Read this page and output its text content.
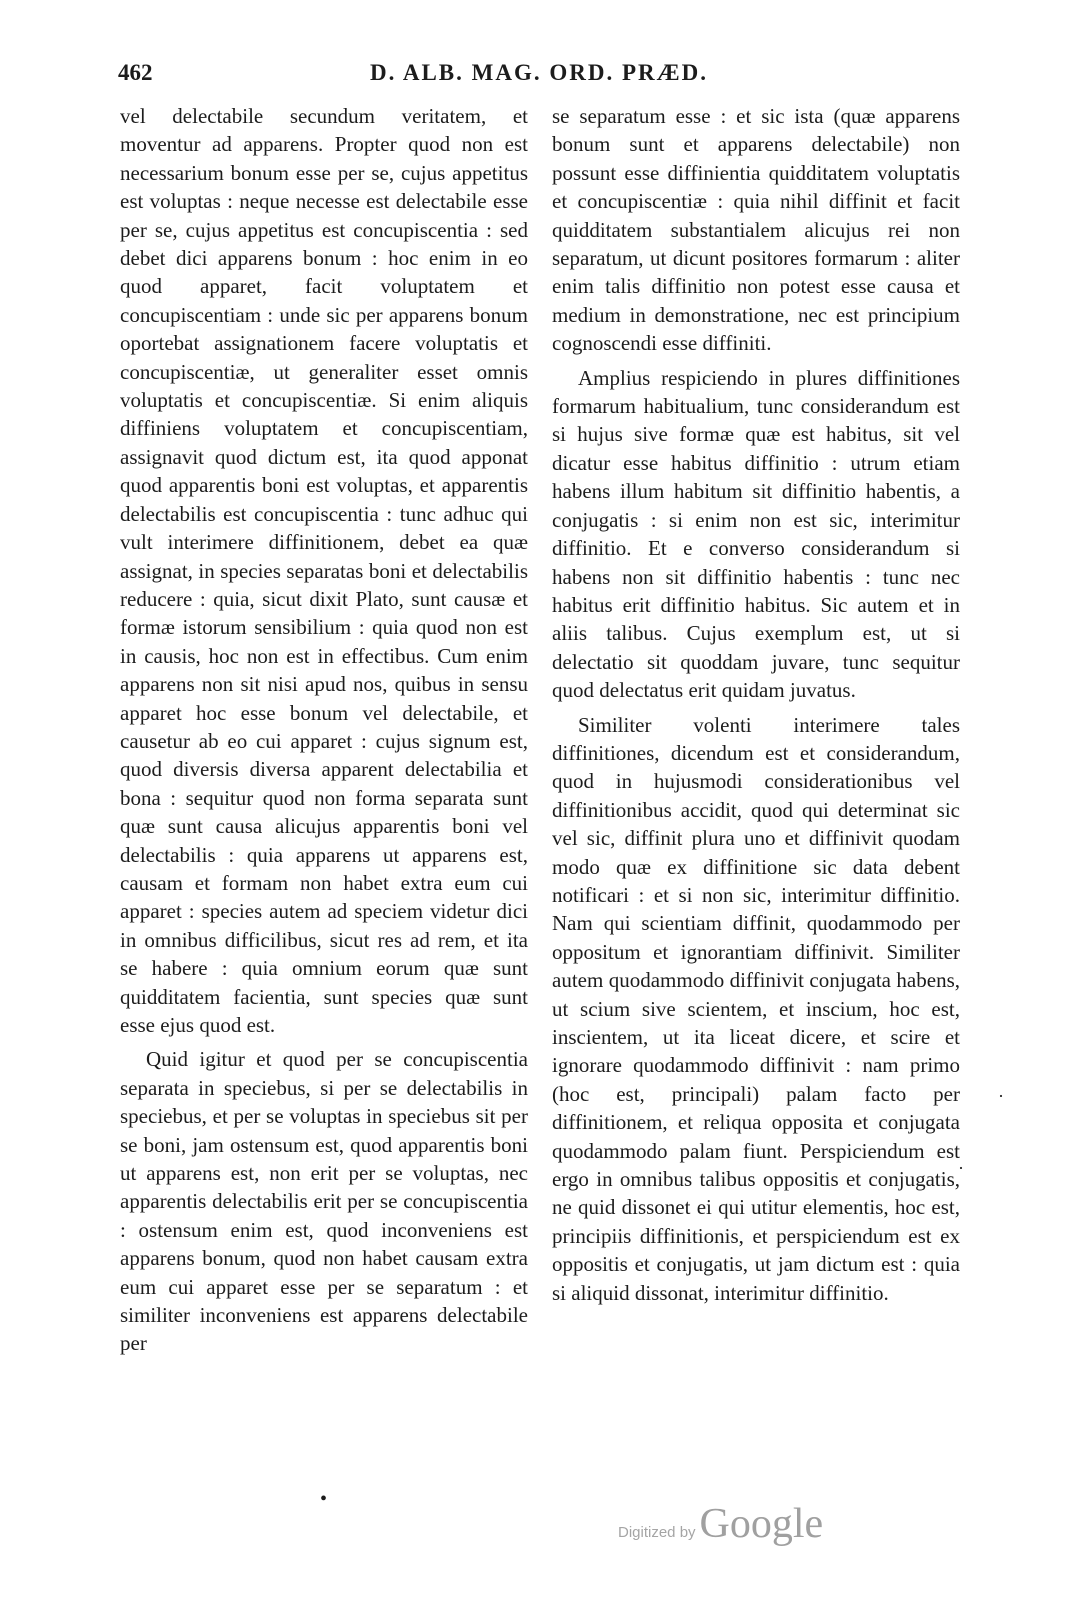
462	D. ALB. MAG. ORD. PRÆD.

vel delectabile secundum veritatem, et moventur ad apparens. Propter quod non est necessarium bonum esse per se, cujus appetitus est voluptas : neque necesse est delectabile esse per se, cujus appetitus est concupiscentia : sed debet dici apparens bonum : hoc enim in eo quod apparet, facit voluptatem et concupiscentiam : unde sic per apparens bonum oportebat assignationem facere voluptatis et concupiscentiæ, ut generaliter esset omnis voluptatis et concupiscentiæ. Si enim aliquis diffiniens voluptatem et concupiscentiam, assignavit quod dictum est, ita quod apponat quod apparentis boni est voluptas, et apparentis delectabilis est concupiscentia : tunc adhuc qui vult interimere diffinitionem, debet ea quæ assignat, in species separatas boni et delectabilis reducere : quia, sicut dixit Plato, sunt causæ et formæ istorum sensibilium : quia quod non est in causis, hoc non est in effectibus. Cum enim apparens non sit nisi apud nos, quibus in sensu apparet hoc esse bonum vel delectabile, et causetur ab eo cui apparet : cujus signum est, quod diversis diversa apparent delectabilia et bona : sequitur quod non forma separata sunt quæ sunt causa alicujus apparentis boni vel delectabilis : quia apparens ut apparens est, causam et formam non habet extra eum cui apparet : species autem ad speciem videtur dici in omnibus difficilibus, sicut res ad rem, et ita se habere : quia omnium eorum quæ sunt quidditatem facientia, sunt species quæ sunt esse ejus quod est.

Quid igitur et quod per se concupiscentia separata in speciebus, si per se delectabilis in speciebus, et per se voluptas in speciebus sit per se boni, jam ostensum est, quod apparentis boni ut apparens est, non erit per se voluptas, nec apparentis delectabilis erit per se concupiscentia : ostensum enim est, quod inconveniens est apparens bonum, quod non habet causam extra eum cui apparet esse per se separatum : et similiter inconveniens est apparens delectabile per

se separatum esse : et sic ista (quæ apparens bonum sunt et apparens delectabile) non possunt esse diffinientia quidditatem voluptatis et concupiscentiæ : quia nihil diffinit et facit quidditatem substantialem alicujus rei non separatum, ut dicunt positores formarum : aliter enim talis diffinitio non potest esse causa et medium in demonstratione, nec est principium cognoscendi esse diffiniti.

Amplius respiciendo in plures diffinitiones formarum habitualium, tunc considerandum est si hujus sive formæ quæ est habitus, sit vel dicatur esse habitus diffinitio : utrum etiam habens illum habitum sit diffinitio habentis, a conjugatis : si enim non est sic, interimitur diffinitio. Et e converso considerandum si habens non sit diffinitio habentis : tunc nec habitus erit diffinitio habitus. Sic autem et in aliis talibus. Cujus exemplum est, ut si delectatio sit quoddam juvare, tunc sequitur quod delectatus erit quidam juvatus.

Similiter volenti interimere tales diffinitiones, dicendum est et considerandum, quod in hujusmodi considerationibus vel diffinitionibus accidit, quod qui determinat sic vel sic, diffinit plura uno et diffinivit quodam modo quæ ex diffinitione sic data debent notificari : et si non sic, interimitur diffinitio. Nam qui scientiam diffinit, quodammodo per oppositum et ignorantiam diffinivit. Similiter autem quodammodo diffinivit conjugata habens, ut scium sive scientem, et inscium, hoc est, inscientem, ut ita liceat dicere, et scire et ignorare quodammodo diffinivit : nam primo (hoc est, principali) palam facto per diffinitionem, et reliqua opposita et conjugata quodammodo palam fiunt. Perspiciendum est ergo in omnibus talibus oppositis et conjugatis, ne quid dissonet ei qui utitur elementis, hoc est, principiis diffinitionis, et perspiciendum est ex oppositis et conjugatis, ut jam dictum est : quia si aliquid dissonat, interimitur diffinitio.

•
·
·
Digitized by Google
